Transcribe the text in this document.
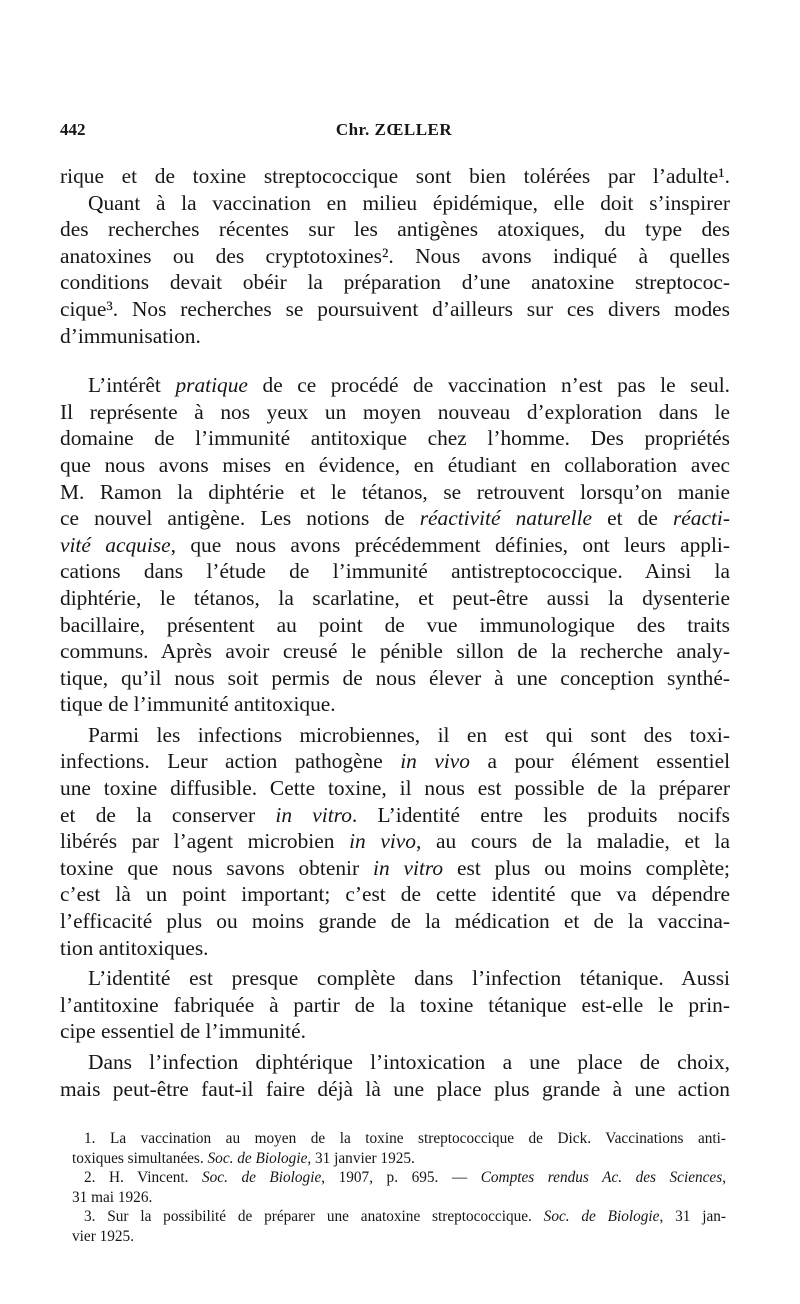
442	Chr. ZŒLLER
rique et de toxine streptococcique sont bien tolérées par l’adulte¹.
Quant à la vaccination en milieu épidémique, elle doit s’inspirer
des recherches récentes sur les antigènes atoxiques, du type des
anatoxines ou des cryptotoxines². Nous avons indiqué à quelles
conditions devait obéir la préparation d’une anatoxine streptococ-
cique³. Nos recherches se poursuivent d’ailleurs sur ces divers modes
d’immunisation.
L’intérêt pratique de ce procédé de vaccination n’est pas le seul.
Il représente à nos yeux un moyen nouveau d’exploration dans le
domaine de l’immunité antitoxique chez l’homme. Des propriétés
que nous avons mises en évidence, en étudiant en collaboration avec
M. Ramon la diphtérie et le tétanos, se retrouvent lorsqu’on manie
ce nouvel antigène. Les notions de réactivité naturelle et de réacti-
vité acquise, que nous avons précédemment définies, ont leurs appli-
cations dans l’étude de l’immunité antistreptococcique. Ainsi la
diphtérie, le tétanos, la scarlatine, et peut-être aussi la dysenterie
bacillaire, présentent au point de vue immunologique des traits
communs. Après avoir creusé le pénible sillon de la recherche analy-
tique, qu’il nous soit permis de nous élever à une conception synthé-
tique de l’immunité antitoxique.
Parmi les infections microbiennes, il en est qui sont des toxi-
infections. Leur action pathogène in vivo a pour élément essentiel
une toxine diffusible. Cette toxine, il nous est possible de la préparer
et de la conserver in vitro. L’identité entre les produits nocifs
libérés par l’agent microbien in vivo, au cours de la maladie, et la
toxine que nous savons obtenir in vitro est plus ou moins complète;
c’est là un point important; c’est de cette identité que va dépendre
l’efficacité plus ou moins grande de la médication et de la vaccina-
tion antitoxiques.
L’identité est presque complète dans l’infection tétanique. Aussi
l’antitoxine fabriquée à partir de la toxine tétanique est-elle le prin-
cipe essentiel de l’immunité.
Dans l’infection diphtérique l’intoxication a une place de choix,
mais peut-être faut-il faire déjà là une place plus grande à une action
1. La vaccination au moyen de la toxine streptococcique de Dick. Vaccinations anti-
toxiques simultanées. Soc. de Biologie, 31 janvier 1925.
2. H. Vincent. Soc. de Biologie, 1907, p. 695. — Comptes rendus Ac. des Sciences,
31 mai 1926.
3. Sur la possibilité de préparer une anatoxine streptococcique. Soc. de Biologie, 31 jan-
vier 1925.
